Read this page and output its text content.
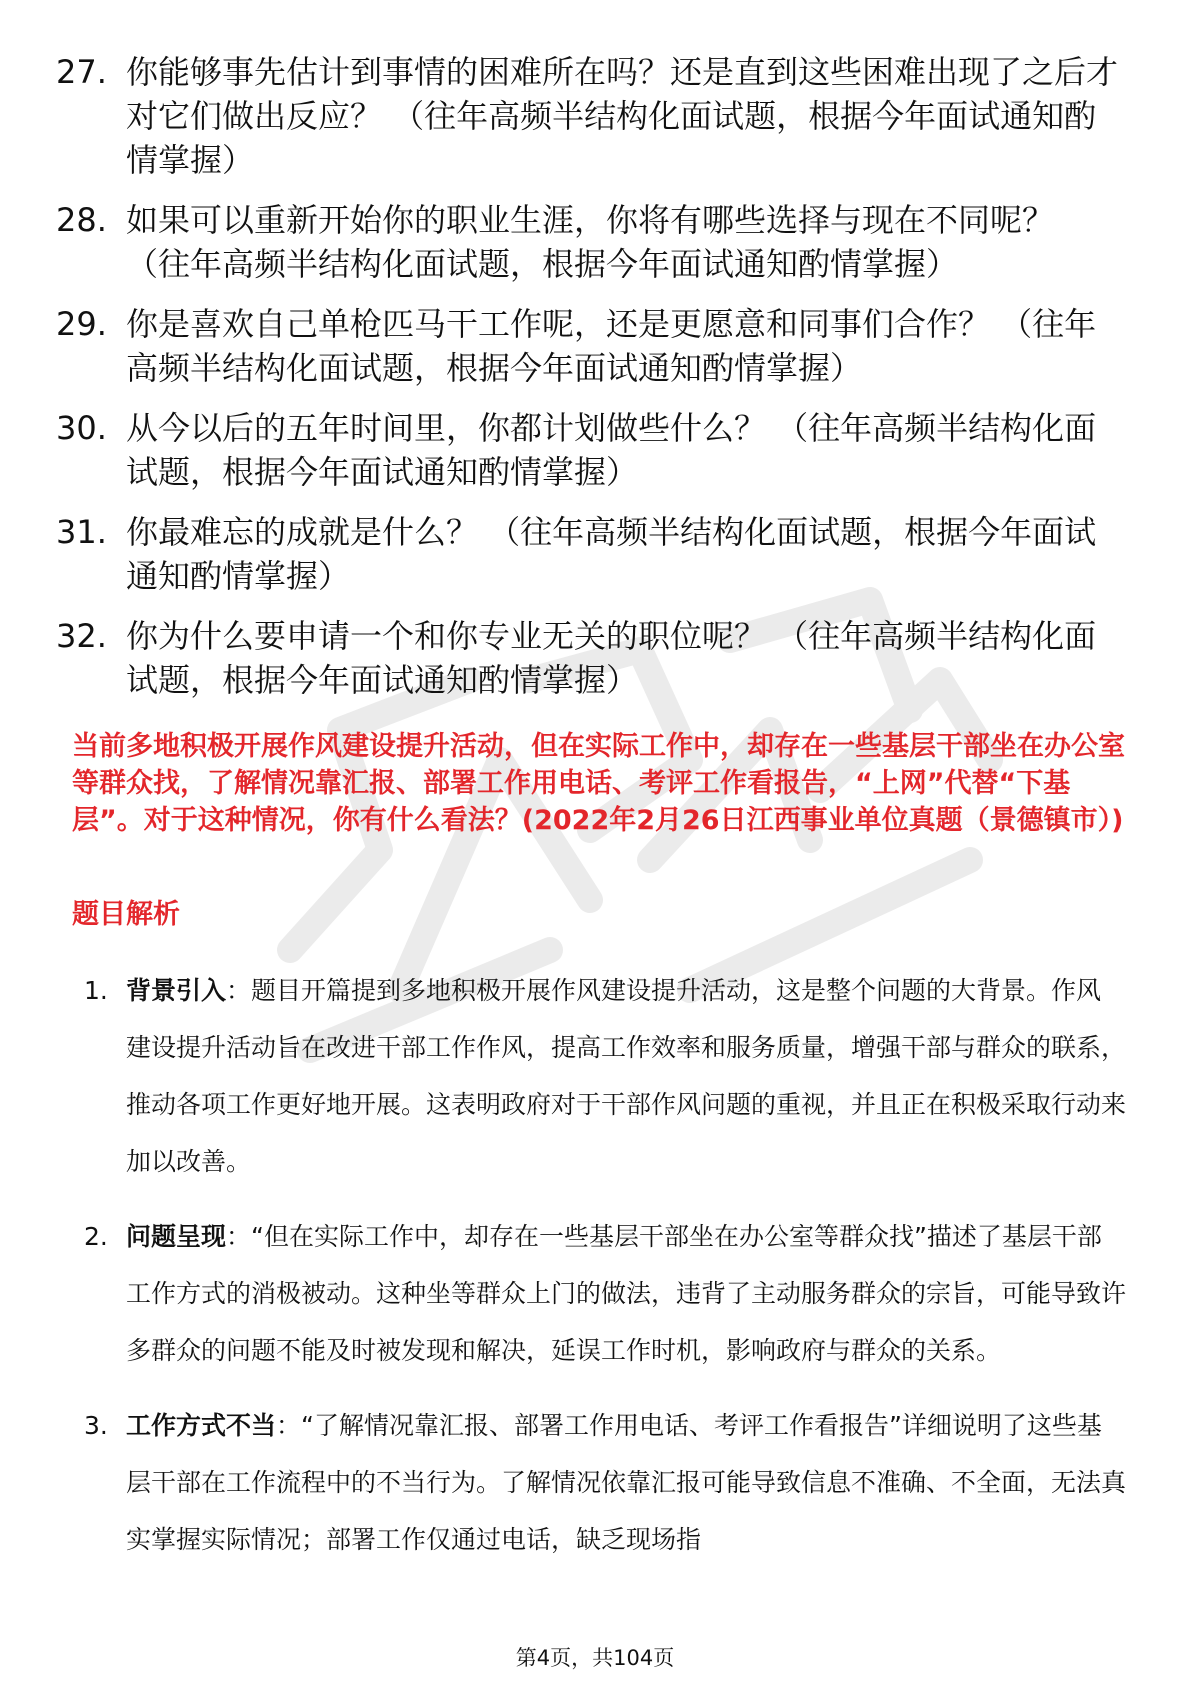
27. 你能够事先估计到事情的困难所在吗？还是直到这些困难出现了之后才对它们做出反应？ （往年高频半结构化面试题，根据今年面试通知酌情掌握）
28. 如果可以重新开始你的职业生涯，你将有哪些选择与现在不同呢？ （往年高频半结构化面试题，根据今年面试通知酌情掌握）
29. 你是喜欢自己单枪匹马干工作呢，还是更愿意和同事们合作？ （往年高频半结构化面试题，根据今年面试通知酌情掌握）
30. 从今以后的五年时间里，你都计划做些什么？ （往年高频半结构化面试题，根据今年面试通知酌情掌握）
31. 你最难忘的成就是什么？ （往年高频半结构化面试题，根据今年面试通知酌情掌握）
32. 你为什么要申请一个和你专业无关的职位呢？ （往年高频半结构化面试题，根据今年面试通知酌情掌握）
当前多地积极开展作风建设提升活动，但在实际工作中，却存在一些基层干部坐在办公室等群众找，了解情况靠汇报、部署工作用电话、考评工作看报告，“上网”代替“下基层”。对于这种情况，你有什么看法？(2022年2月26日江西事业单位真题（景德镇市）)
题目解析
1. 背景引入：题目开篇提到多地积极开展作风建设提升活动，这是整个问题的大背景。作风建设提升活动旨在改进干部工作作风，提高工作效率和服务质量，增强干部与群众的联系，推动各项工作更好地开展。这表明政府对于干部作风问题的重视，并且正在积极采取行动来加以改善。
2. 问题呈现：“但在实际工作中，却存在一些基层干部坐在办公室等群众找”描述了基层干部工作方式的消极被动。这种坐等群众上门的做法，违背了主动服务群众的宗旨，可能导致许多群众的问题不能及时被发现和解决，延误工作时机，影响政府与群众的关系。
3. 工作方式不当：“了解情况靠汇报、部署工作用电话、考评工作看报告”详细说明了这些基层干部在工作流程中的不当行为。了解情况依靠汇报可能导致信息不准确、不全面，无法真实掌握实际情况；部署工作仅通过电话，缺乏现场指
第4页，共104页
